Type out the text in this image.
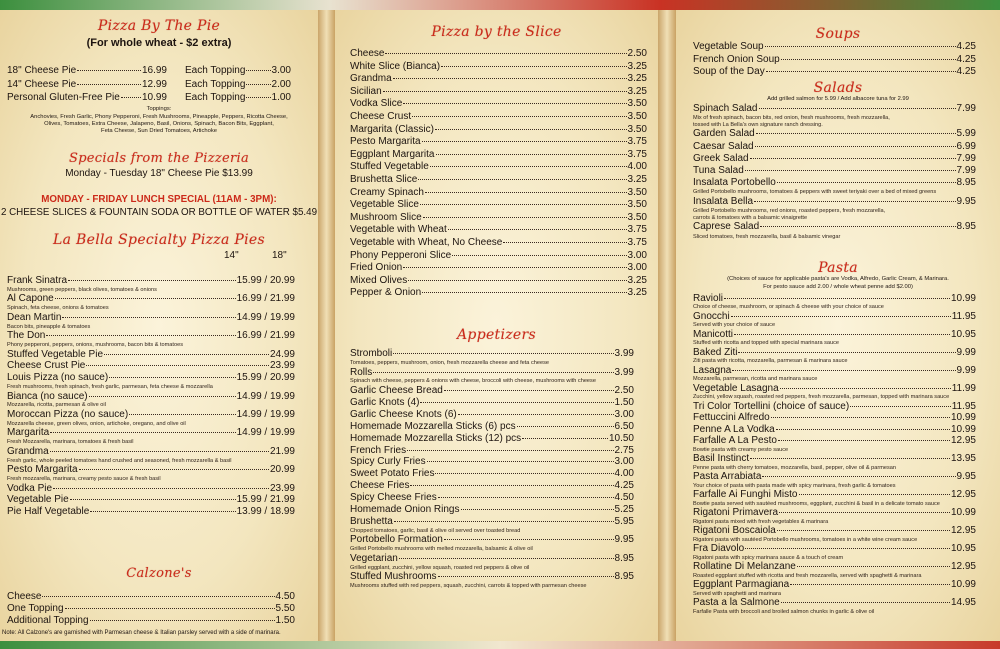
Pizza By The Pie
(For whole wheat - $2 extra)
18" Cheese Pie	16.99 Each Topping	3.00
14" Cheese Pie	12.99 Each Topping	2.00
Personal Gluten-Free Pie 10.99 Each Topping	1.00
Toppings:
Anchovies, Fresh Garlic, Phony Pepperoni, Fresh Mushrooms, Pineapple, Peppers, Ricotta Cheese,
Olives, Tomatoes, Extra Cheese, Jalapeno, Basil, Onions, Spinach, Bacon Bits, Eggplant,
Feta Cheese, Sun Dried Tomatoes, Artichoke
Specials from the Pizzeria
Monday - Tuesday 18" Cheese Pie $13.99
MONDAY - FRIDAY LUNCH SPECIAL (11AM - 3PM):
2 CHEESE SLICES & FOUNTAIN SODA OR BOTTLE OF WATER $5.49
La Bella Specialty Pizza Pies
14"	18"
Frank Sinatra	15.99 / 20.99
Mushrooms, green peppers, black olives, tomatoes & onions
Al Capone	16.99 / 21.99
Spinach, feta cheese, onions & tomatoes
Dean Martin	14.99 / 19.99
Bacon bits, pineapple & tomatoes
The Don	16.99 / 21.99
Phony pepperoni, peppers, onions, mushrooms, bacon bits & tomatoes
Stuffed Vegetable Pie	24.99
Cheese Crust Pie	23.99
Louis Pizza (no sauce)	15.99 / 20.99
Fresh mushrooms, fresh spinach, fresh garlic, parmesan, feta cheese & mozzarella
Bianca (no sauce)	14.99 / 19.99
Mozzarella, ricotta, parmesan & olive oil
Moroccan Pizza (no sauce)	14.99 / 19.99
Mozzarella cheese, green olives, onion, artichoke, oregano, and olive oil
Margarita	14.99 / 19.99
Fresh Mozzarella, marinara, tomatoes & fresh basil
Grandma	21.99
Fresh garlic, whole peeled tomatoes hand crushed and seasoned, fresh mozzarella & basil
Pesto Margarita	20.99
Fresh mozzarella, marinara, creamy pesto sauce & fresh basil
Vodka Pie	23.99
Vegetable Pie	15.99 / 21.99
Pie Half Vegetable	13.99 / 18.99
Calzone's
Cheese	4.50
One Topping	5.50
Additional Topping	1.50
Note: All Calzone's are garnished with Parmesan cheese & Italian parsley served with a side of marinara.
Pizza by the Slice
Cheese	2.50
White Slice (Bianca)	3.25
Grandma	3.25
Sicilian	3.25
Vodka Slice	3.50
Cheese Crust	3.50
Margarita (Classic)	3.50
Pesto Margarita	3.75
Eggplant Margarita	3.75
Stuffed Vegetable	4.00
Brushetta Slice	3.25
Creamy Spinach	3.50
Vegetable Slice	3.50
Mushroom Slice	3.50
Vegetable with Wheat	3.75
Vegetable with Wheat, No Cheese	3.75
Phony Pepperoni Slice	3.00
Fried Onion	3.00
Mixed Olives	3.25
Pepper & Onion	3.25
Appetizers
Stromboli	3.99
Tomatoes, peppers, mushroom, onion, fresh mozzarella cheese and feta cheese
Rolls	3.99
Spinach with cheese, peppers & onions with cheese, broccoli with cheese, mushrooms with cheese
Garlic Cheese Bread	2.50
Garlic Knots (4)	1.50
Garlic Cheese Knots (6)	3.00
Homemade Mozzarella Sticks (6) pcs	6.50
Homemade Mozzarella Sticks (12) pcs	10.50
French Fries	2.75
Spicy Curly Fries	3.00
Sweet Potato Fries	4.00
Cheese Fries	4.25
Spicy Cheese Fries	4.50
Homemade Onion Rings	5.25
Brushetta	5.95
Chopped tomatoes, garlic, basil & olive oil served over toasted bread
Portobello Formation	9.95
Grilled Portobello mushrooms with melted mozzarella, balsamic & olive oil
Vegetarian	8.95
Grilled eggplant, zucchini, yellow squash, roasted red peppers & olive oil
Stuffed Mushrooms	8.95
Mushrooms stuffed with red peppers, squash, zucchini, carrots & topped with parmesan cheese
Soups
Vegetable Soup	4.25
French Onion Soup	4.25
Soup of the Day	4.25
Salads
Add grilled salmon for 5.99 / Add albacore tuna for 2.99
Spinach Salad	7.99
Mix of fresh spinach, bacon bits, red onion, fresh mushrooms, fresh mozzarella,
tossed with La Bella's own signature ranch dressing.
Garden Salad	5.99
Caesar Salad	6.99
Greek Salad	7.99
Tuna Salad	7.99
Insalata Portobello	8.95
Grilled Portobello mushrooms, tomatoes & peppers with sweet teriyaki over a bed of mixed greens
Insalata Bella	9.95
Grilled Portobello mushrooms, red onions, roasted peppers, fresh mozzarella,
carrots & tomatoes with a balsamic vinaigrette
Caprese Salad	8.95
Sliced tomatoes, fresh mozzarella, basil & balsamic vinegar
Pasta
(Choices of sauce for applicable pasta's are Vodka, Alfredo, Garlic Cream, & Marinara.
For pesto sauce add 2.00 / whole wheat penne add $2.00)
Ravioli	10.99
Choice of cheese, mushroom, or spinach & cheese with your choice of sauce
Gnocchi	11.95
Served with your choice of sauce
Manicotti	10.95
Stuffed with ricotta and topped with special marinara sauce
Baked Ziti	9.99
Ziti pasta with ricotta, mozzarella, parmesan & marinara sauce
Lasagna	9.99
Mozzarella, parmesan, ricotta and marinara sauce
Vegetable Lasagna	11.99
Zucchini, yellow squash, roasted red peppers, fresh mozzarella, parmesan, topped with marinara sauce
Tri Color Tortellini (choice of sauce)	11.95
Fettuccini Alfredo	10.99
Penne A La Vodka	10.99
Farfalle A La Pesto	12.95
Bowtie pasta with creamy pesto sauce
Basil Instinct	13.95
Penne pasta with cherry tomatoes, mozzarella, basil, pepper, olive oil & parmesan
Pasta Arrabiata	9.95
Your choice of pasta with pasta made with spicy marinara, fresh garlic & tomatoes
Farfalle Ai Funghi Misto	12.95
Bowtie pasta served with sautéed mushrooms, eggplant, zucchini & basil in a delicate tomato sauce
Rigatoni Primavera	10.99
Rigatoni pasta mixed with fresh vegetables & marinara
Rigatoni Boscaiola	12.95
Rigatoni pasta with sautéed Portobello mushrooms, tomatoes in a white wine cream sauce
Fra Diavolo	10.95
Rigatoni pasta with spicy marinara sauce & a touch of cream
Rollatine Di Melanzane	12.95
Roasted eggplant stuffed with ricotta and fresh mozzarella, served with spaghetti & marinara
Eggplant Parmagiana	10.99
Served with spaghetti and marinara
Pasta a la Salmone	14.95
Farfalle Pasta with broccoli and broiled salmon chunks in garlic & olive oil
